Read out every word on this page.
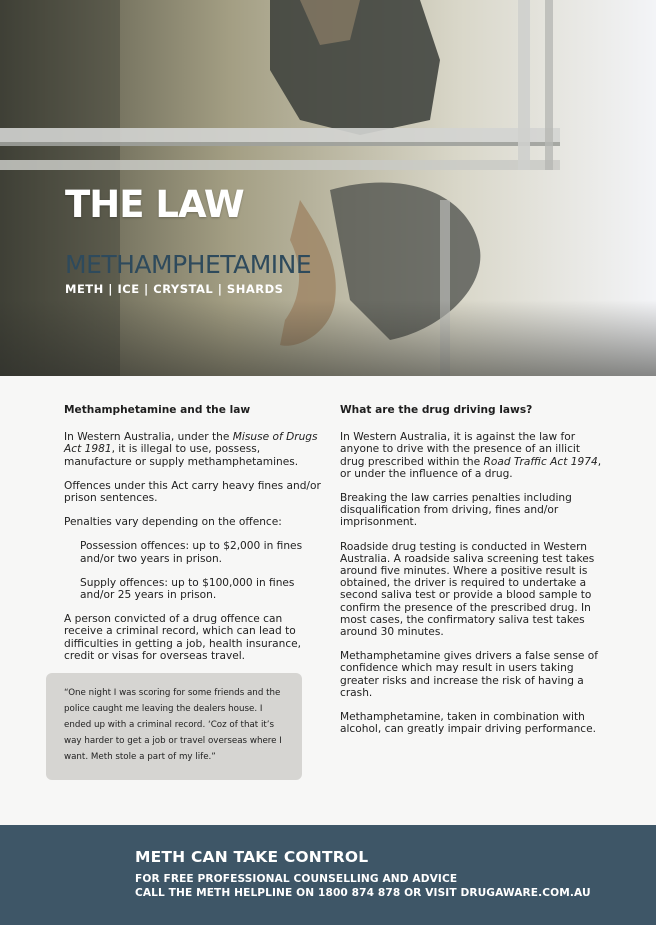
THE LAW
METHAMPHETAMINE
METH | ICE | CRYSTAL | SHARDS
Methamphetamine and the law

In Western Australia, under the Misuse of Drugs Act 1981, it is illegal to use, possess, manufacture or supply methamphetamines.

Offences under this Act carry heavy fines and/or prison sentences.

Penalties vary depending on the offence:

Possession offences: up to $2,000 in fines and/or two years in prison.

Supply offences: up to $100,000 in fines and/or 25 years in prison.

A person convicted of a drug offence can receive a criminal record, which can lead to difficulties in getting a job, health insurance, credit or visas for overseas travel.

“One night I was scoring for some friends and the police caught me leaving the dealers house. I ended up with a criminal record. ‘Coz of that it’s way harder to get a job or travel overseas where I want. Meth stole a part of my life.”
What are the drug driving laws?

In Western Australia, it is against the law for anyone to drive with the presence of an illicit drug prescribed within the Road Traffic Act 1974, or under the influence of a drug.

Breaking the law carries penalties including disqualification from driving, fines and/or imprisonment.

Roadside drug testing is conducted in Western Australia. A roadside saliva screening test takes around five minutes. Where a positive result is obtained, the driver is required to undertake a second saliva test or provide a blood sample to confirm the presence of the prescribed drug. In most cases, the confirmatory saliva test takes around 30 minutes.

Methamphetamine gives drivers a false sense of confidence which may result in users taking greater risks and increase the risk of having a crash.

Methamphetamine, taken in combination with alcohol, can greatly impair driving performance.

METH CAN TAKE CONTROL
FOR FREE PROFESSIONAL COUNSELLING AND ADVICE
CALL THE METH HELPLINE ON 1800 874 878 OR VISIT DRUGAWARE.COM.AU
